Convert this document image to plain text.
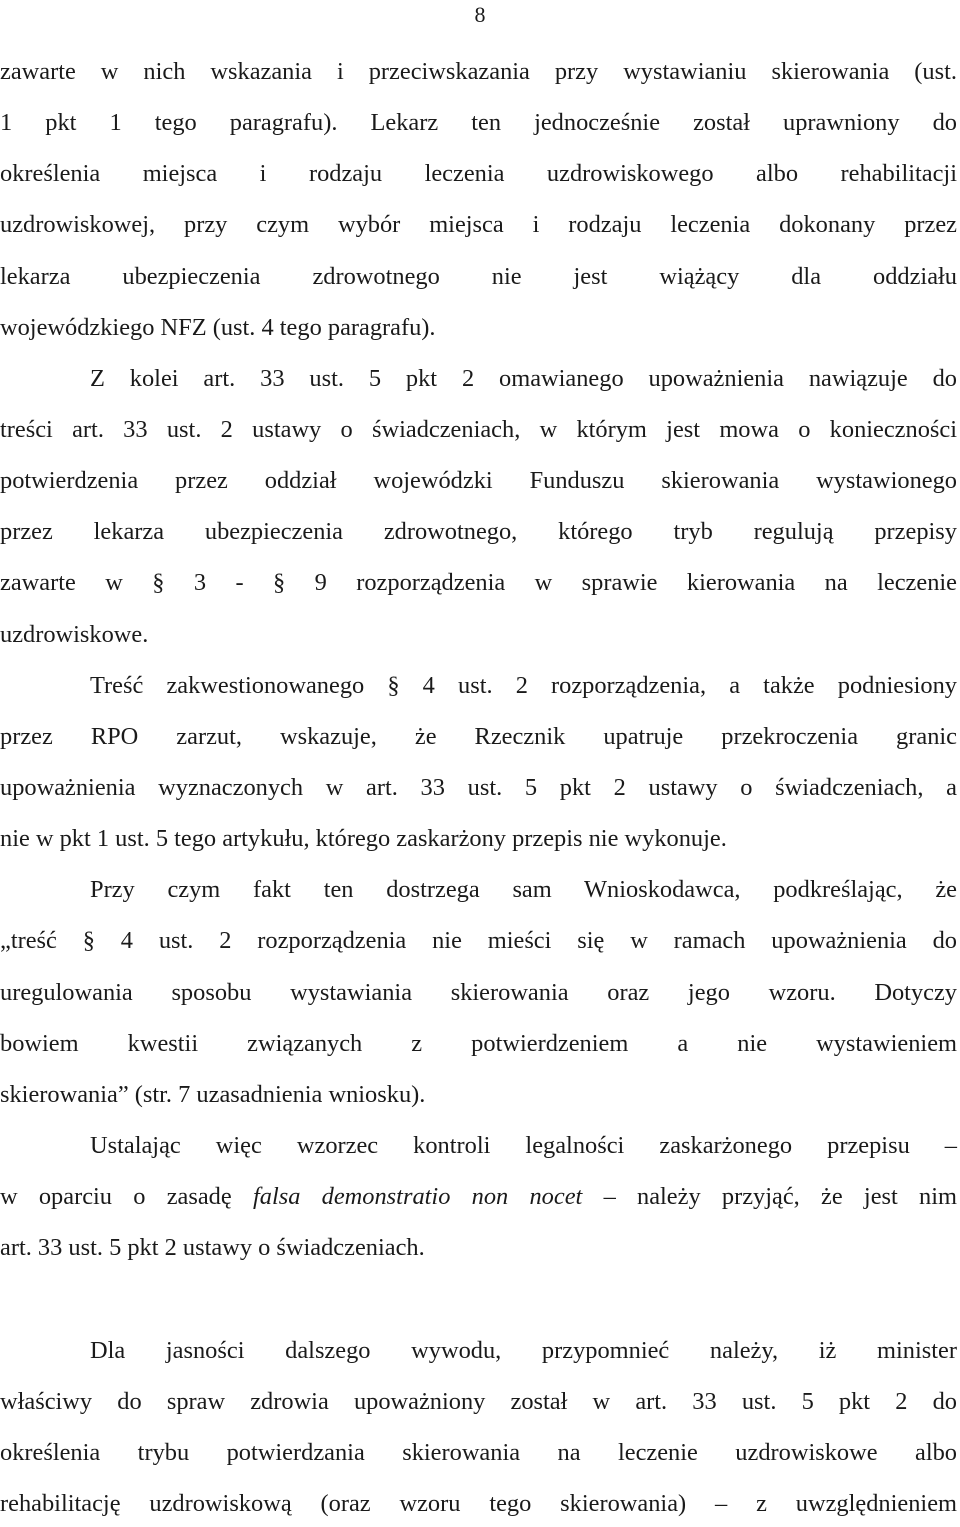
8
zawarte w nich wskazania i przeciwskazania przy wystawianiu skierowania (ust.
1 pkt 1 tego paragrafu). Lekarz ten jednocześnie został uprawniony do
określenia miejsca i rodzaju leczenia uzdrowiskowego albo rehabilitacji
uzdrowiskowej, przy czym wybór miejsca i rodzaju leczenia dokonany przez
lekarza ubezpieczenia zdrowotnego nie jest wiążący dla oddziału
wojewódzkiego NFZ (ust. 4 tego paragrafu).
Z kolei art. 33 ust. 5 pkt 2 omawianego upoważnienia nawiązuje do
treści art. 33 ust. 2 ustawy o świadczeniach, w którym jest mowa o konieczności
potwierdzenia przez oddział wojewódzki Funduszu skierowania wystawionego
przez lekarza ubezpieczenia zdrowotnego, którego tryb regulują przepisy
zawarte w § 3 - § 9 rozporządzenia w sprawie kierowania na leczenie
uzdrowiskowe.
Treść zakwestionowanego § 4 ust. 2 rozporządzenia, a także podniesiony
przez RPO zarzut, wskazuje, że Rzecznik upatruje przekroczenia granic
upoważnienia wyznaczonych w art. 33 ust. 5 pkt 2 ustawy o świadczeniach, a
nie w pkt 1 ust. 5 tego artykułu, którego zaskarżony przepis nie wykonuje.
Przy czym fakt ten dostrzega sam Wnioskodawca, podkreślając, że
„treść § 4 ust. 2 rozporządzenia nie mieści się w ramach upoważnienia do
uregulowania sposobu wystawiania skierowania oraz jego wzoru. Dotyczy
bowiem kwestii związanych z potwierdzeniem a nie wystawieniem
skierowania” (str. 7 uzasadnienia wniosku).
Ustalając więc wzorzec kontroli legalności zaskarżonego przepisu –
w oparciu o zasadę falsa demonstratio non nocet – należy przyjąć, że jest nim
art. 33 ust. 5 pkt 2 ustawy o świadczeniach.
Dla jasności dalszego wywodu, przypomnieć należy, iż minister
właściwy do spraw zdrowia upoważniony został w art. 33 ust. 5 pkt 2 do
określenia trybu potwierdzania skierowania na leczenie uzdrowiskowe albo
rehabilitację uzdrowiskową (oraz wzoru tego skierowania) – z uwzględnieniem
